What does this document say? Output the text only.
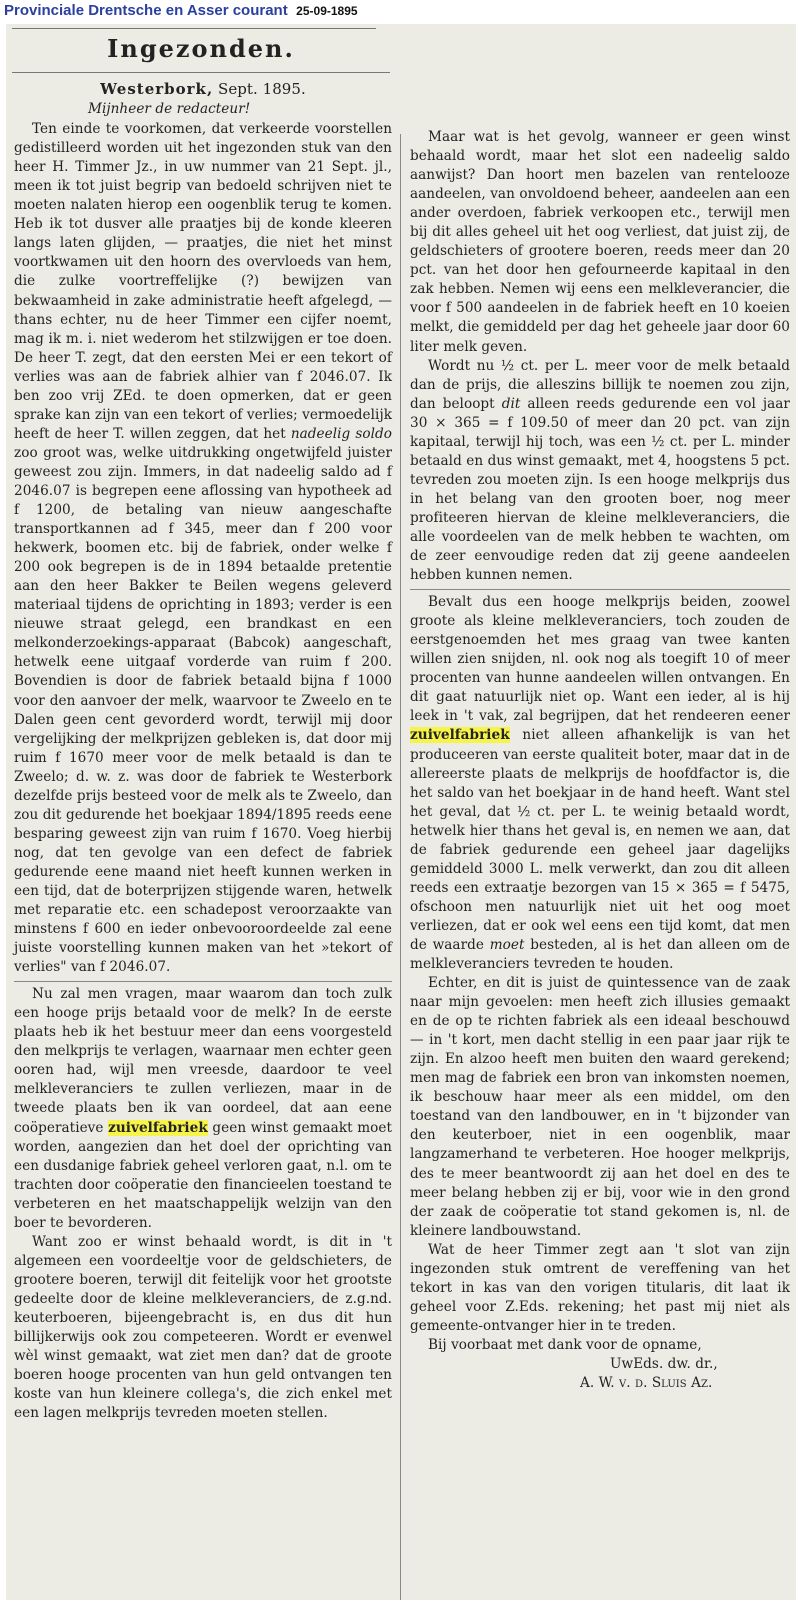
Provinciale Drentsche en Asser courant 25-09-1895
Ingezonden.
Westerbork, Sept. 1895.
Mijnheer de redacteur!

Ten einde te voorkomen, dat verkeerde voorstellen gedistilleerd worden uit het ingezonden stuk van den heer H. Timmer Jz., in uw nummer van 21 Sept. jl., meen ik tot juist begrip van bedoeld schrijven niet te moeten nalaten hierop een oogenblik terug te komen. Heb ik tot dusver alle praatjes bij de konde kleeren langs laten glijden, — praatjes, die niet het minst voortkwamen uit den hoorn des overvloeds van hem, die zulke voortreffelijke (?) bewijzen van bekwaamheid in zake administratie heeft afgelegd, — thans echter, nu de heer Timmer een cijfer noemt, mag ik m. i. niet wederom het stilzwijgen er toe doen. De heer T. zegt, dat den eersten Mei er een tekort of verlies was aan de fabriek alhier van f 2046.07. Ik ben zoo vrij ZEd. te doen opmerken, dat er geen sprake kan zijn van een tekort of verlies; vermoedelijk heeft de heer T. willen zeggen, dat het nadeelig soldo zoo groot was, welke uitdrukking ongetwijfeld juister geweest zou zijn. Immers, in dat nadeelig saldo ad f 2046.07 is begrepen eene aflossing van hypotheek ad f 1200, de betaling van nieuw aangeschafte transportkannen ad f 345, meer dan f 200 voor hekwerk, boomen etc. bij de fabriek, onder welke f 200 ook begrepen is de in 1894 betaalde pretentie aan den heer Bakker te Beilen wegens geleverd materiaal tijdens de oprichting in 1893; verder is een nieuwe straat gelegd, een brandkast en een melkonderzoekings-apparaat (Babcok) aangeschaft, hetwelk eene uitgaaf vorderde van ruim f 200. Bovendien is door de fabriek betaald bijna f 1000 voor den aanvoer der melk, waarvoor te Zweelo en te Dalen geen cent gevorderd wordt, terwijl mij door vergelijking der melkprijzen gebleken is, dat door mij ruim f 1670 meer voor de melk betaald is dan te Zweelo; d. w. z. was door de fabriek te Westerbork dezelfde prijs besteed voor de melk als te Zweelo, dan zou dit gedurende het boekjaar 1894/1895 reeds eene besparing geweest zijn van ruim f 1670. Voeg hierbij nog, dat ten gevolge van een defect de fabriek gedurende eene maand niet heeft kunnen werken in een tijd, dat de boterprijzen stijgende waren, hetwelk met reparatie etc. een schadepost veroorzaakte van minstens f 600 en ieder onbevooroordeelde zal eene juiste voorstelling kunnen maken van het »tekort of verlies" van f 2046.07.

Nu zal men vragen, maar waarom dan toch zulk een hooge prijs betaald voor de melk? In de eerste plaats heb ik het bestuur meer dan eens voorgesteld den melkprijs te verlagen, waarnaar men echter geen ooren had, wijl men vreesde, daardoor te veel melkleveranciers te zullen verliezen, maar in de tweede plaats ben ik van oordeel, dat aan eene coöperatieve zuivelfabriek geen winst gemaakt moet worden, aangezien dan het doel der oprichting van een dusdanige fabriek geheel verloren gaat, n.l. om te trachten door coöperatie den financieelen toestand te verbeteren en het maatschappelijk welzijn van den boer te bevorderen.

Want zoo er winst behaald wordt, is dit in 't algemeen een voordeeltje voor de geldschieters, de grootere boeren, terwijl dit feitelijk voor het grootste gedeelte door de kleine melkleveranciers, de z.g.nd. keuterboeren, bijeengebracht is, en dus dit hun billijkerwijs ook zou competeeren. Wordt er evenwel wèl winst gemaakt, wat ziet men dan? dat de groote boeren hooge procenten van hun geld ontvangen ten koste van hun kleinere collega's, die zich enkel met een lagen melkprijs tevreden moeten stellen.

Maar wat is het gevolg, wanneer er geen winst behaald wordt, maar het slot een nadeelig saldo aanwijst? Dan hoort men bazelen van rentelooze aandeelen, van onvoldoend beheer, aandeelen aan een ander overdoen, fabriek verkoopen etc., terwijl men bij dit alles geheel uit het oog verliest, dat juist zij, de geldschieters of grootere boeren, reeds meer dan 20 pct. van het door hen gefourneerde kapitaal in den zak hebben. Nemen wij eens een melkleverancier, die voor f 500 aandeelen in de fabriek heeft en 10 koeien melkt, die gemiddeld per dag het geheele jaar door 60 liter melk geven.

Wordt nu ½ ct. per L. meer voor de melk betaald dan de prijs, die alleszins billijk te noemen zou zijn, dan beloopt dit alleen reeds gedurende een vol jaar 30 × 365 = f 109.50 of meer dan 20 pct. van zijn kapitaal, terwijl hij toch, was een ½ ct. per L. minder betaald en dus winst gemaakt, met 4, hoogstens 5 pct. tevreden zou moeten zijn. Is een hooge melkprijs dus in het belang van den grooten boer, nog meer profiteeren hiervan de kleine melkleveranciers, die alle voordeelen van de melk hebben te wachten, om de zeer eenvoudige reden dat zij geene aandeelen hebben kunnen nemen.

Bevalt dus een hooge melkprijs beiden, zoowel groote als kleine melkleveranciers, toch zouden de eerstgenoemden het mes graag van twee kanten willen zien snijden, nl. ook nog als toegift 10 of meer procenten van hunne aandeelen willen ontvangen. En dit gaat natuurlijk niet op. Want een ieder, al is hij leek in 't vak, zal begrijpen, dat het rendeeren eener zuivelfabriek niet alleen afhankelijk is van het produceeren van eerste qualiteit boter, maar dat in de allereerste plaats de melkprijs de hoofdfactor is, die het saldo van het boekjaar in de hand heeft. Want stel het geval, dat ½ ct. per L. te weinig betaald wordt, hetwelk hier thans het geval is, en nemen we aan, dat de fabriek gedurende een geheel jaar dagelijks gemiddeld 3000 L. melk verwerkt, dan zou dit alleen reeds een extraatje bezorgen van 15 × 365 = f 5475, ofschoon men natuurlijk niet uit het oog moet verliezen, dat er ook wel eens een tijd komt, dat men de waarde moet besteden, al is het dan alleen om de melkleveranciers tevreden te houden.

Echter, en dit is juist de quintessence van de zaak naar mijn gevoelen: men heeft zich illusies gemaakt en de op te richten fabriek als een ideaal beschouwd — in 't kort, men dacht stellig in een paar jaar rijk te zijn. En alzoo heeft men buiten den waard gerekend; men mag de fabriek een bron van inkomsten noemen, ik beschouw haar meer als een middel, om den toestand van den landbouwer, en in 't bijzonder van den keuterboer, niet in een oogenblik, maar langzamerhand te verbeteren. Hoe hooger melkprijs, des te meer beantwoordt zij aan het doel en des te meer belang hebben zij er bij, voor wie in den grond der zaak de coöperatie tot stand gekomen is, nl. de kleinere landbouwstand.

Wat de heer Timmer zegt aan 't slot van zijn ingezonden stuk omtrent de vereffening van het tekort in kas van den vorigen titularis, dit laat ik geheel voor Z.Eds. rekening; het past mij niet als gemeente-ontvanger hier in te treden.

Bij voorbaat met dank voor de opname,

UwEds. dw. dr.,
A. W. v. d. Sluis Az.
